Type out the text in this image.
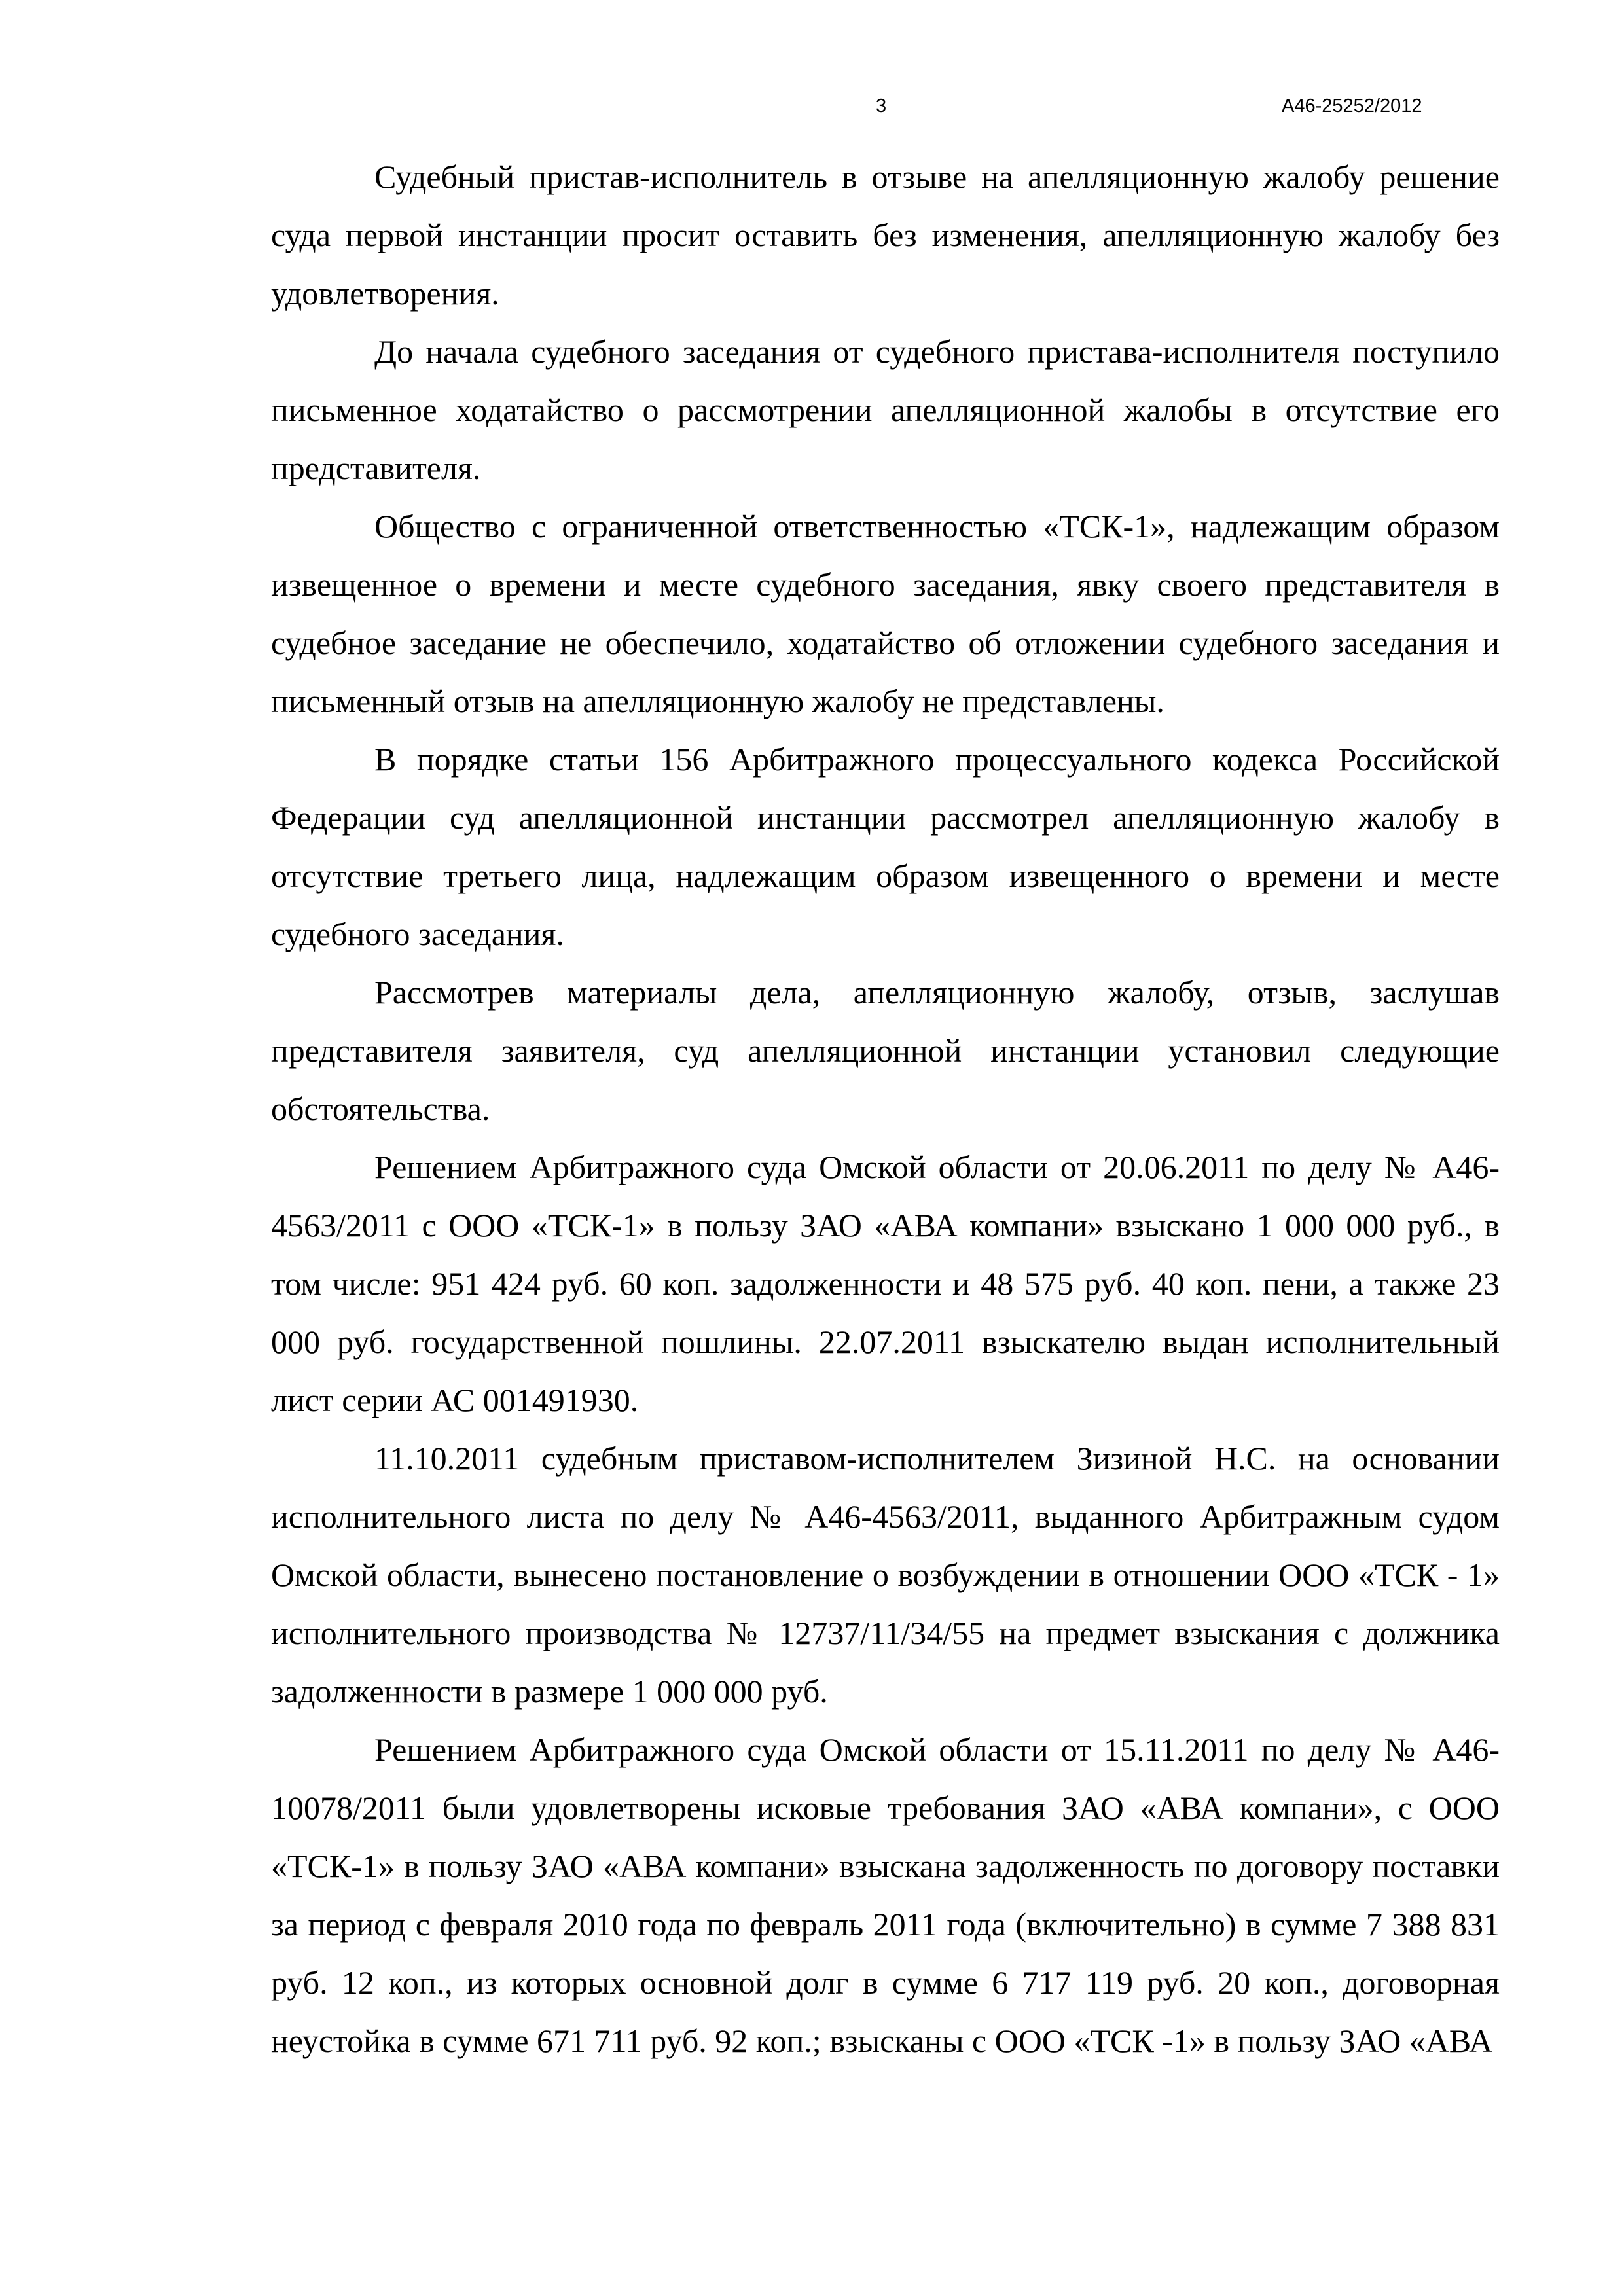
3	А46-25252/2012

Судебный пристав-исполнитель в отзыве на апелляционную жалобу решение суда первой инстанции просит оставить без изменения, апелляционную жалобу без удовлетворения.

До начала судебного заседания от судебного пристава-исполнителя поступило письменное ходатайство о рассмотрении апелляционной жалобы в отсутствие его представителя.

Общество с ограниченной ответственностью «ТСК-1», надлежащим образом извещенное о времени и месте судебного заседания, явку своего представителя в судебное заседание не обеспечило, ходатайство об отложении судебного заседания и письменный отзыв на апелляционную жалобу не представлены.

В порядке статьи 156 Арбитражного процессуального кодекса Российской Федерации суд апелляционной инстанции рассмотрел апелляционную жалобу в отсутствие третьего лица, надлежащим образом извещенного о времени и месте судебного заседания.

Рассмотрев материалы дела, апелляционную жалобу, отзыв, заслушав представителя заявителя, суд апелляционной инстанции установил следующие обстоятельства.

Решением Арбитражного суда Омской области от 20.06.2011 по делу № А46-4563/2011 с ООО «ТСК-1» в пользу ЗАО «АВА компани» взыскано 1 000 000 руб., в том числе: 951 424 руб. 60 коп. задолженности и 48 575 руб. 40 коп. пени, а также 23 000 руб. государственной пошлины. 22.07.2011 взыскателю выдан исполнительный лист серии АС 001491930.

11.10.2011 судебным приставом-исполнителем Зизиной Н.С. на основании исполнительного листа по делу № А46-4563/2011, выданного Арбитражным судом Омской области, вынесено постановление о возбуждении в отношении ООО «ТСК - 1» исполнительного производства № 12737/11/34/55 на предмет взыскания с должника задолженности в размере 1 000 000 руб.

Решением Арбитражного суда Омской области от 15.11.2011 по делу № А46-10078/2011 были удовлетворены исковые требования ЗАО «АВА компани», с ООО «ТСК-1» в пользу ЗАО «АВА компани» взыскана задолженность по договору поставки за период с февраля 2010 года по февраль 2011 года (включительно) в сумме 7 388 831 руб. 12 коп., из которых основной долг в сумме 6 717 119 руб. 20 коп., договорная неустойка в сумме 671 711 руб. 92 коп.; взысканы с ООО «ТСК -1» в пользу ЗАО «АВА
